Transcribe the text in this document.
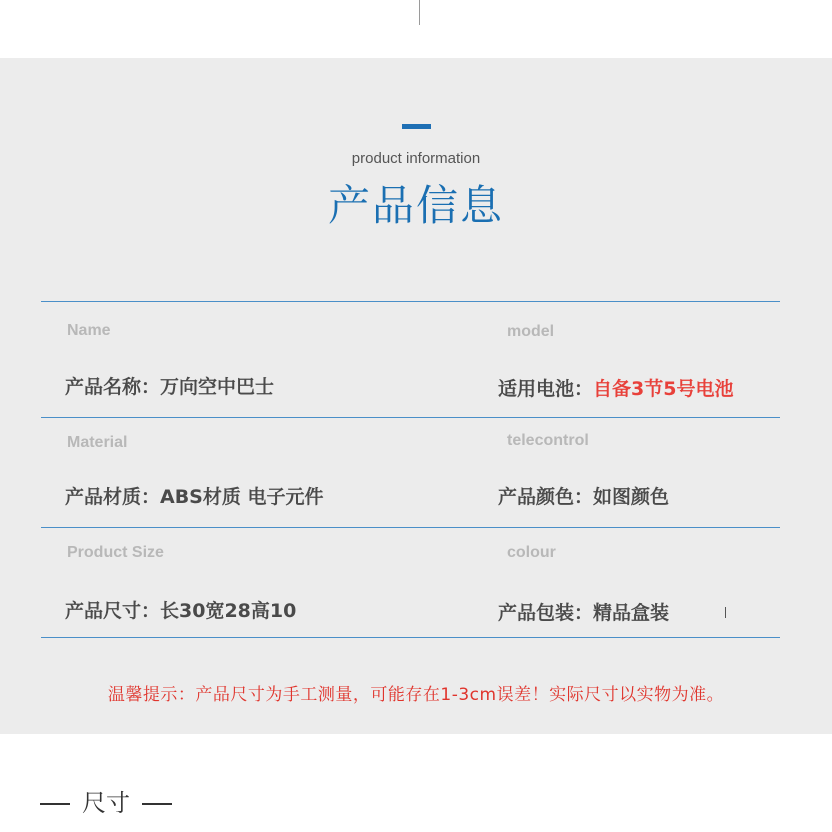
product information
产品信息
Name
产品名称：万向空中巴士
model
适用电池：自备3节5号电池
Material
产品材质：ABS材质 电子元件
telecontrol
产品颜色：如图颜色
Product Size
产品尺寸：长30宽28高10
colour
产品包装：精品盒装
温馨提示：产品尺寸为手工测量，可能存在1-3cm误差！实际尺寸以实物为准。
尺寸
